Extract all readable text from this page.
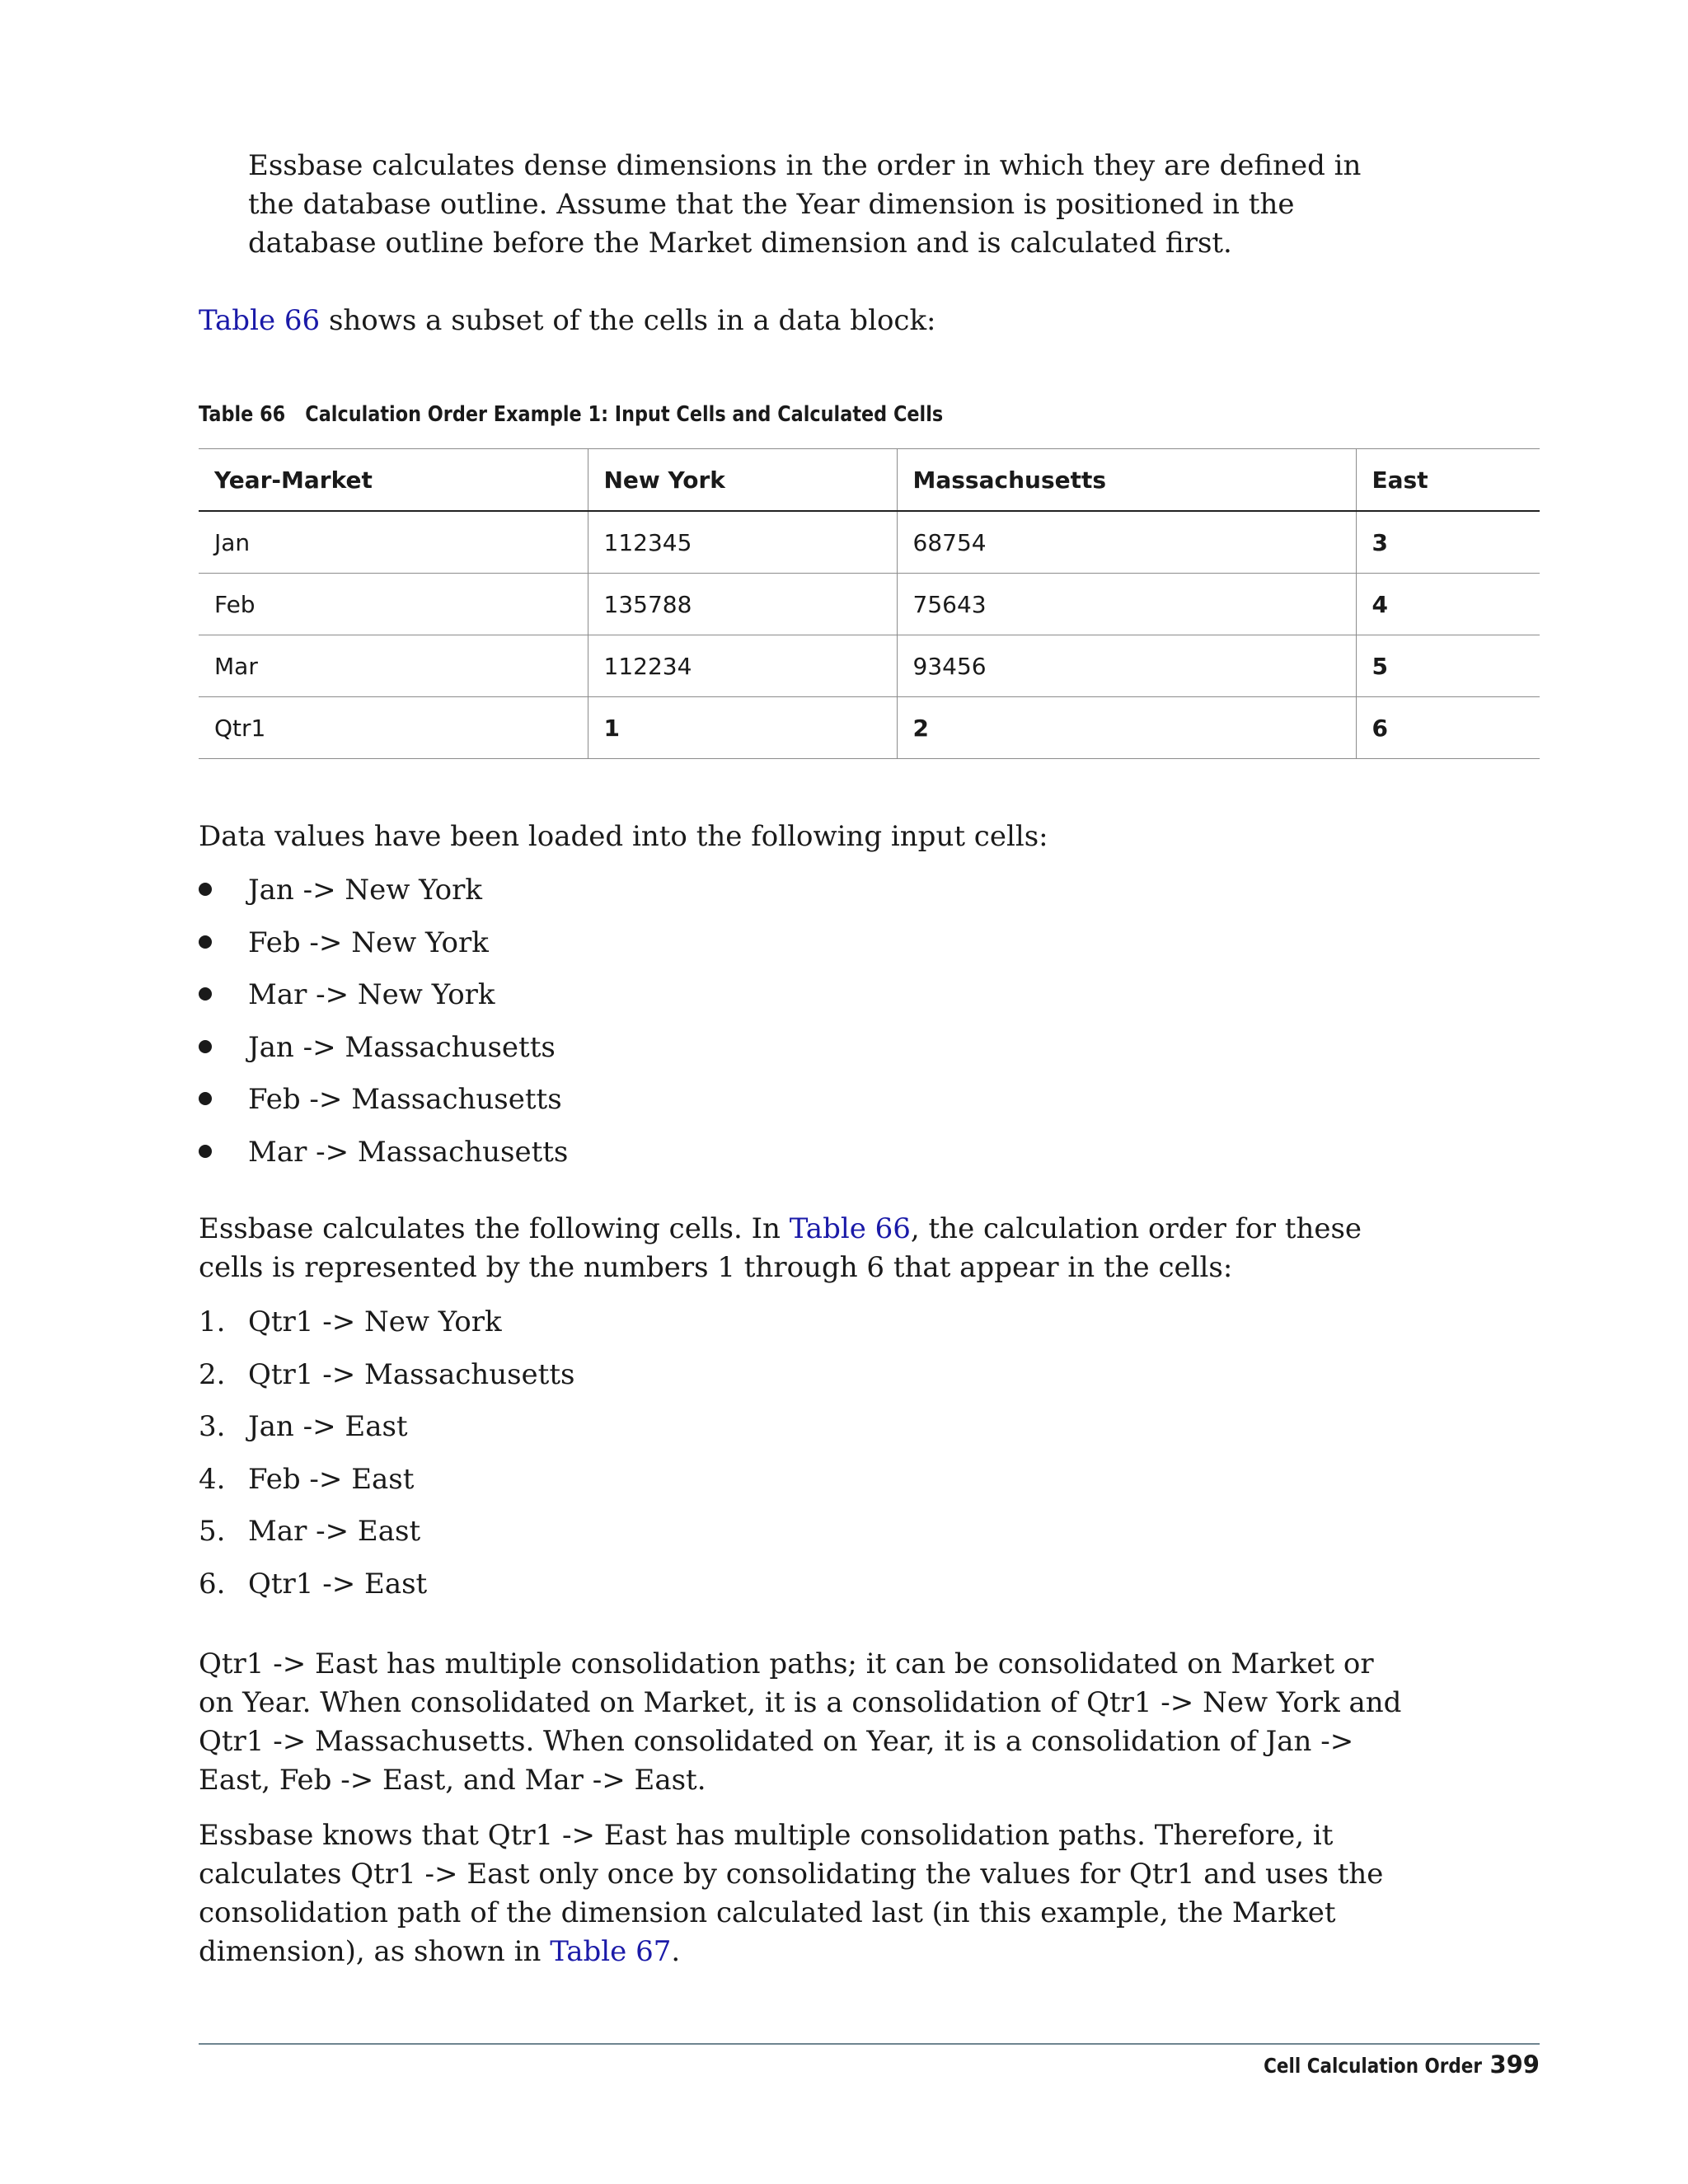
Essbase calculates dense dimensions in the order in which they are defined in the database outline. Assume that the Year dimension is positioned in the database outline before the Market dimension and is calculated first.

Table 66 shows a subset of the cells in a data block:

Table 66 Calculation Order Example 1: Input Cells and Calculated Cells
Year-Market	New York	Massachusetts	East
Jan	112345	68754	3
Feb	135788	75643	4
Mar	112234	93456	5
Qtr1	1	2	6

Data values have been loaded into the following input cells:

Jan -> New York
Feb -> New York
Mar -> New York
Jan -> Massachusetts
Feb -> Massachusetts
Mar -> Massachusetts

Essbase calculates the following cells. In Table 66, the calculation order for these cells is represented by the numbers 1 through 6 that appear in the cells:

1. Qtr1 -> New York
2. Qtr1 -> Massachusetts
3. Jan -> East
4. Feb -> East
5. Mar -> East
6. Qtr1 -> East

Qtr1 -> East has multiple consolidation paths; it can be consolidated on Market or on Year. When consolidated on Market, it is a consolidation of Qtr1 -> New York and Qtr1 -> Massachusetts. When consolidated on Year, it is a consolidation of Jan -> East, Feb -> East, and Mar -> East.

Essbase knows that Qtr1 -> East has multiple consolidation paths. Therefore, it calculates Qtr1 -> East only once by consolidating the values for Qtr1 and uses the consolidation path of the dimension calculated last (in this example, the Market dimension), as shown in Table 67.

Cell Calculation Order 399
